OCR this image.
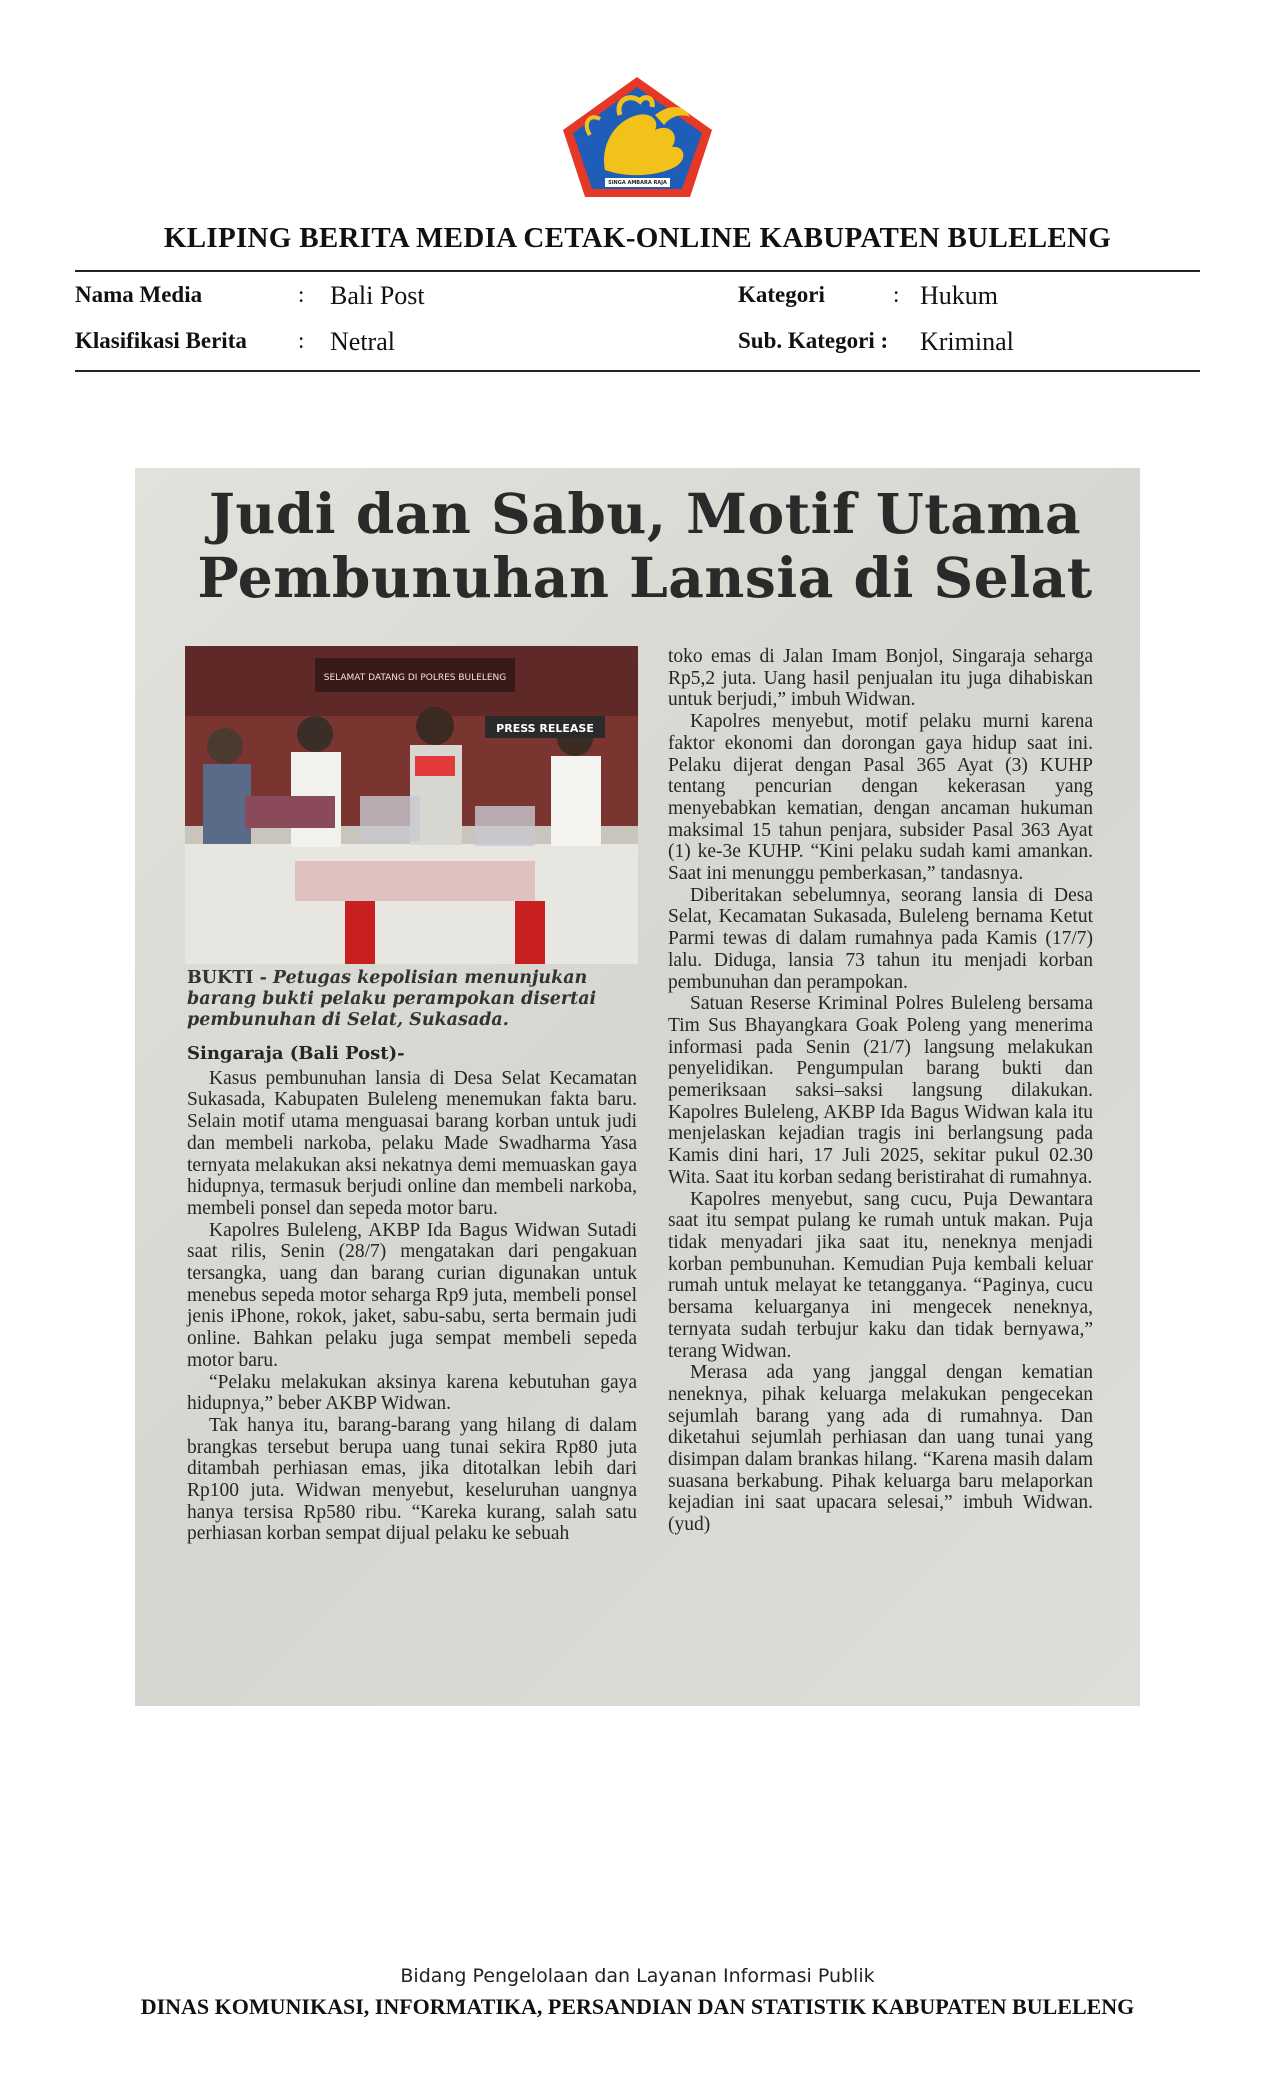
SINGA AMBARA RAJA
KLIPING BERITA MEDIA CETAK-ONLINE KABUPATEN BULELENG
Nama Media	: Bali Post	Kategori	: Hukum
Klasifikasi Berita : Netral	Sub. Kategori : Kriminal
Judi dan Sabu, Motif Utama
Pembunuhan Lansia di Selat
SELAMAT DATANG DI POLRES BULELENG
PRESS RELEASE
BUKTI - Petugas kepolisian menunjukan barang bukti pelaku perampokan disertai pembunuhan di Selat, Sukasada.
Singaraja (Bali Post)-

Kasus pembunuhan lansia di Desa Selat Kecamatan Sukasada, Kabupaten Buleleng menemukan fakta baru. Selain motif utama menguasai barang korban untuk judi dan membeli narkoba, pelaku Made Swadharma Yasa ternyata melakukan aksi nekatnya demi memuaskan gaya hidupnya, termasuk berjudi online dan membeli narkoba, membeli ponsel dan sepeda motor baru.

Kapolres Buleleng, AKBP Ida Bagus Widwan Sutadi saat rilis, Senin (28/7) mengatakan dari pengakuan tersangka, uang dan barang curian digunakan untuk menebus sepeda motor seharga Rp9 juta, membeli ponsel jenis iPhone, rokok, jaket, sabu-sabu, serta bermain judi online. Bahkan pelaku juga sempat membeli sepeda motor baru.

“Pelaku melakukan aksinya karena kebutuhan gaya hidupnya,” beber AKBP Widwan.

Tak hanya itu, barang-barang yang hilang di dalam brangkas tersebut berupa uang tunai sekira Rp80 juta ditambah perhiasan emas, jika ditotalkan lebih dari Rp100 juta. Widwan menyebut, keseluruhan uangnya hanya tersisa Rp580 ribu. “Kareka kurang, salah satu perhiasan korban sempat dijual pelaku ke sebuah

toko emas di Jalan Imam Bonjol, Singaraja seharga Rp5,2 juta. Uang hasil penjualan itu juga dihabiskan untuk berjudi,” imbuh Widwan.

Kapolres menyebut, motif pelaku murni karena faktor ekonomi dan dorongan gaya hidup saat ini. Pelaku dijerat dengan Pasal 365 Ayat (3) KUHP tentang pencurian dengan kekerasan yang menyebabkan kematian, dengan ancaman hukuman maksimal 15 tahun penjara, subsider Pasal 363 Ayat (1) ke-3e KUHP. “Kini pelaku sudah kami amankan. Saat ini menunggu pemberkasan,” tandasnya.

Diberitakan sebelumnya, seorang lansia di Desa Selat, Kecamatan Sukasada, Buleleng bernama Ketut Parmi tewas di dalam rumahnya pada Kamis (17/7) lalu. Diduga, lansia 73 tahun itu menjadi korban pembunuhan dan perampokan.

Satuan Reserse Kriminal Polres Buleleng bersama Tim Sus Bhayangkara Goak Poleng yang menerima informasi pada Senin (21/7) langsung melakukan penyelidikan. Pengumpulan barang bukti dan pemeriksaan saksi–saksi langsung dilakukan. Kapolres Buleleng, AKBP Ida Bagus Widwan kala itu menjelaskan kejadian tragis ini berlangsung pada Kamis dini hari, 17 Juli 2025, sekitar pukul 02.30 Wita. Saat itu korban sedang beristirahat di rumahnya.

Kapolres menyebut, sang cucu, Puja Dewantara saat itu sempat pulang ke rumah untuk makan. Puja tidak menyadari jika saat itu, neneknya menjadi korban pembunuhan. Kemudian Puja kembali keluar rumah untuk melayat ke tetangganya. “Paginya, cucu bersama keluarganya ini mengecek neneknya, ternyata sudah terbujur kaku dan tidak bernyawa,” terang Widwan.

Merasa ada yang janggal dengan kematian neneknya, pihak keluarga melakukan pengecekan sejumlah barang yang ada di rumahnya. Dan diketahui sejumlah perhiasan dan uang tunai yang disimpan dalam brankas hilang. “Karena masih dalam suasana berkabung. Pihak keluarga baru melaporkan kejadian ini saat upacara selesai,” imbuh Widwan. (yud)

Bidang Pengelolaan dan Layanan Informasi Publik
DINAS KOMUNIKASI, INFORMATIKA, PERSANDIAN DAN STATISTIK KABUPATEN BULELENG
